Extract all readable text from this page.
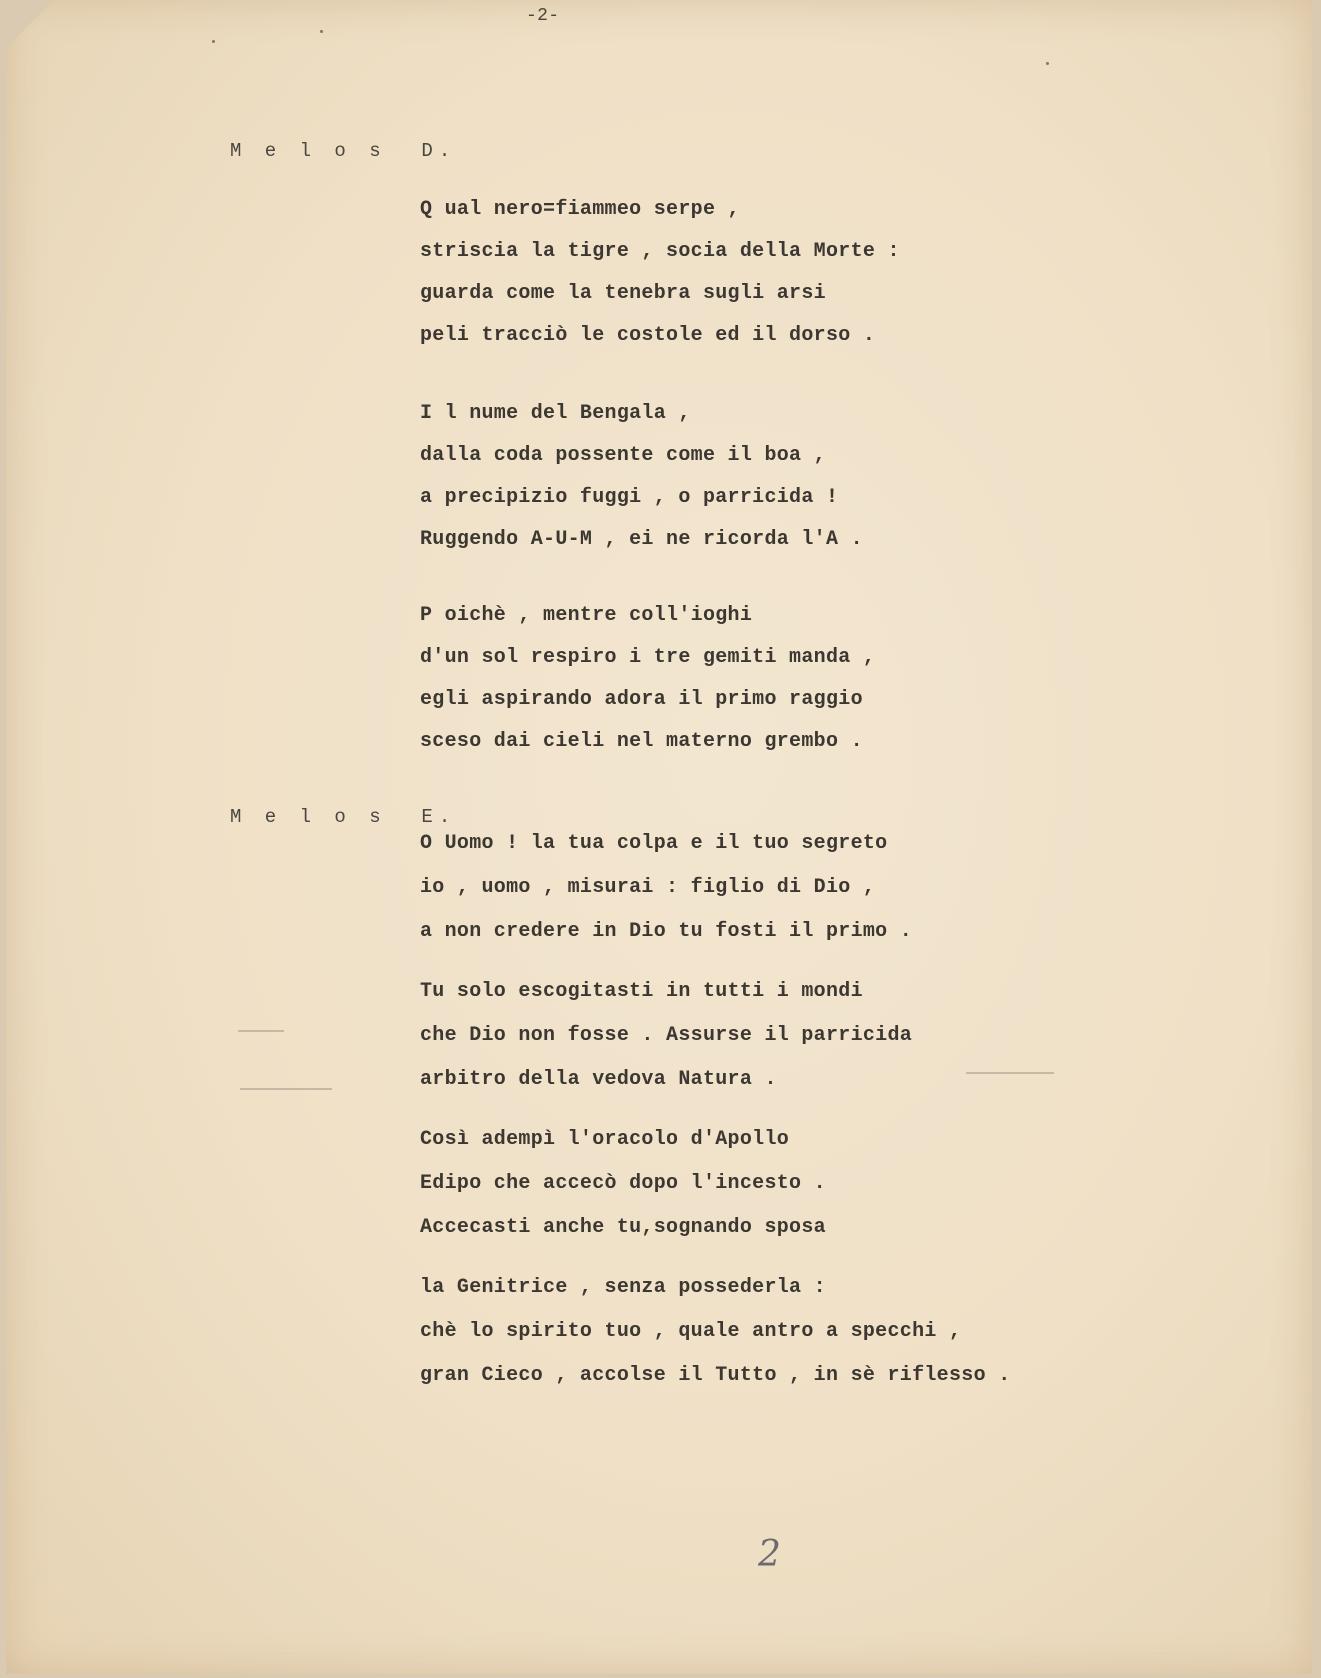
-2-
M e l o s  D.
Q ual nero=fiammeo serpe ,
striscia la tigre , socia della Morte :
guarda come la tenebra sugli arsi
peli tracciò le costole ed il dorso .
I l nume del Bengala ,
dalla coda possente come il boa ,
a precipizio fuggi , o parricida !
Ruggendo A-U-M , ei ne ricorda l'A .
P oichè , mentre coll'ioghi
d'un sol respiro i tre gemiti manda ,
egli aspirando adora il primo raggio
sceso dai cieli nel materno grembo .
M e l o s  E.
O Uomo ! la tua colpa e il tuo segreto
io , uomo , misurai : figlio di Dio ,
a non credere in Dio tu fosti il primo .
Tu solo escogitasti in tutti i mondi
che Dio non fosse . Assurse il parricida
arbitro della vedova Natura .
Così adempì l'oracolo d'Apollo
Edipo che accecò dopo l'incesto .
Accecasti anche tu,sognando sposa
la Genitrice , senza possederla :
chè lo spirito tuo , quale antro a specchi ,
gran Cieco , accolse il Tutto , in sè riflesso .
2
